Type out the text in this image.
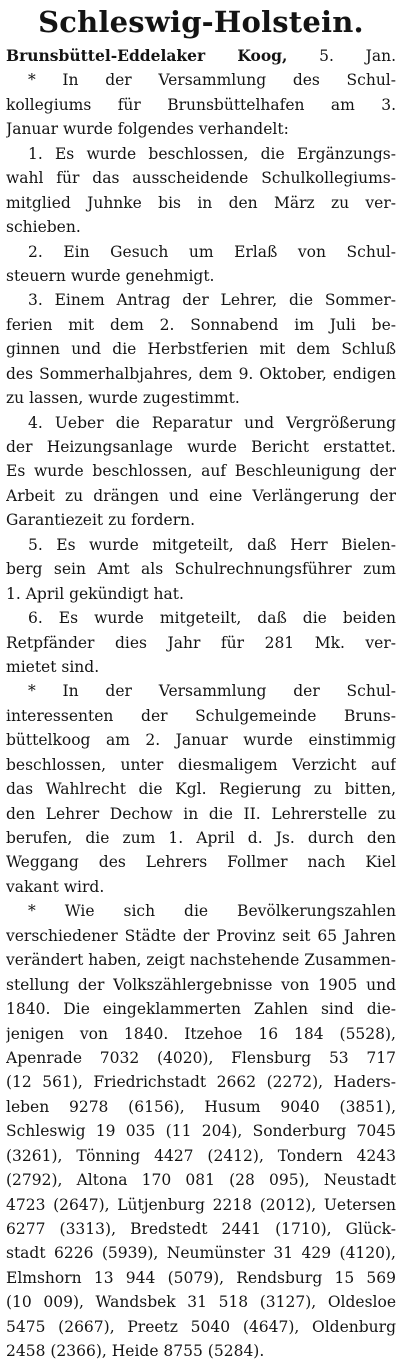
Schleswig-Holstein.
Brunsbüttel-Eddelaker Koog, 5. Jan.
* In der Versammlung des Schul-
kollegiums für Brunsbüttelhafen am 3.
Januar wurde folgendes verhandelt:
1. Es wurde beschlossen, die Ergänzungs-
wahl für das ausscheidende Schulkollegiums-
mitglied Juhnke bis in den März zu ver-
schieben.
2. Ein Gesuch um Erlaß von Schul-
steuern wurde genehmigt.
3. Einem Antrag der Lehrer, die Sommer-
ferien mit dem 2. Sonnabend im Juli be-
ginnen und die Herbstferien mit dem Schluß
des Sommerhalbjahres, dem 9. Oktober, endigen
zu lassen, wurde zugestimmt.
4. Ueber die Reparatur und Vergrößerung
der Heizungsanlage wurde Bericht erstattet.
Es wurde beschlossen, auf Beschleunigung der
Arbeit zu drängen und eine Verlängerung der
Garantiezeit zu fordern.
5. Es wurde mitgeteilt, daß Herr Bielen-
berg sein Amt als Schulrechnungsführer zum
1. April gekündigt hat.
6. Es wurde mitgeteilt, daß die beiden
Retpfänder dies Jahr für 281 Mk. ver-
mietet sind.
* In der Versammlung der Schul-
interessenten der Schulgemeinde Bruns-
büttelkoog am 2. Januar wurde einstimmig
beschlossen, unter diesmaligem Verzicht auf
das Wahlrecht die Kgl. Regierung zu bitten,
den Lehrer Dechow in die II. Lehrerstelle zu
berufen, die zum 1. April d. Js. durch den
Weggang des Lehrers Follmer nach Kiel
vakant wird.
* Wie sich die Bevölkerungszahlen
verschiedener Städte der Provinz seit 65 Jahren
verändert haben, zeigt nachstehende Zusammen-
stellung der Volkszählergebnisse von 1905 und
1840. Die eingeklammerten Zahlen sind die-
jenigen von 1840. Itzehoe 16 184 (5528),
Apenrade 7032 (4020), Flensburg 53 717
(12 561), Friedrichstadt 2662 (2272), Haders-
leben 9278 (6156), Husum 9040 (3851),
Schleswig 19 035 (11 204), Sonderburg 7045
(3261), Tönning 4427 (2412), Tondern 4243
(2792), Altona 170 081 (28 095), Neustadt
4723 (2647), Lütjenburg 2218 (2012), Uetersen
6277 (3313), Bredstedt 2441 (1710), Glück-
stadt 6226 (5939), Neumünster 31 429 (4120),
Elmshorn 13 944 (5079), Rendsburg 15 569
(10 009), Wandsbek 31 518 (3127), Oldesloe
5475 (2667), Preetz 5040 (4647), Oldenburg
2458 (2366), Heide 8755 (5284).
